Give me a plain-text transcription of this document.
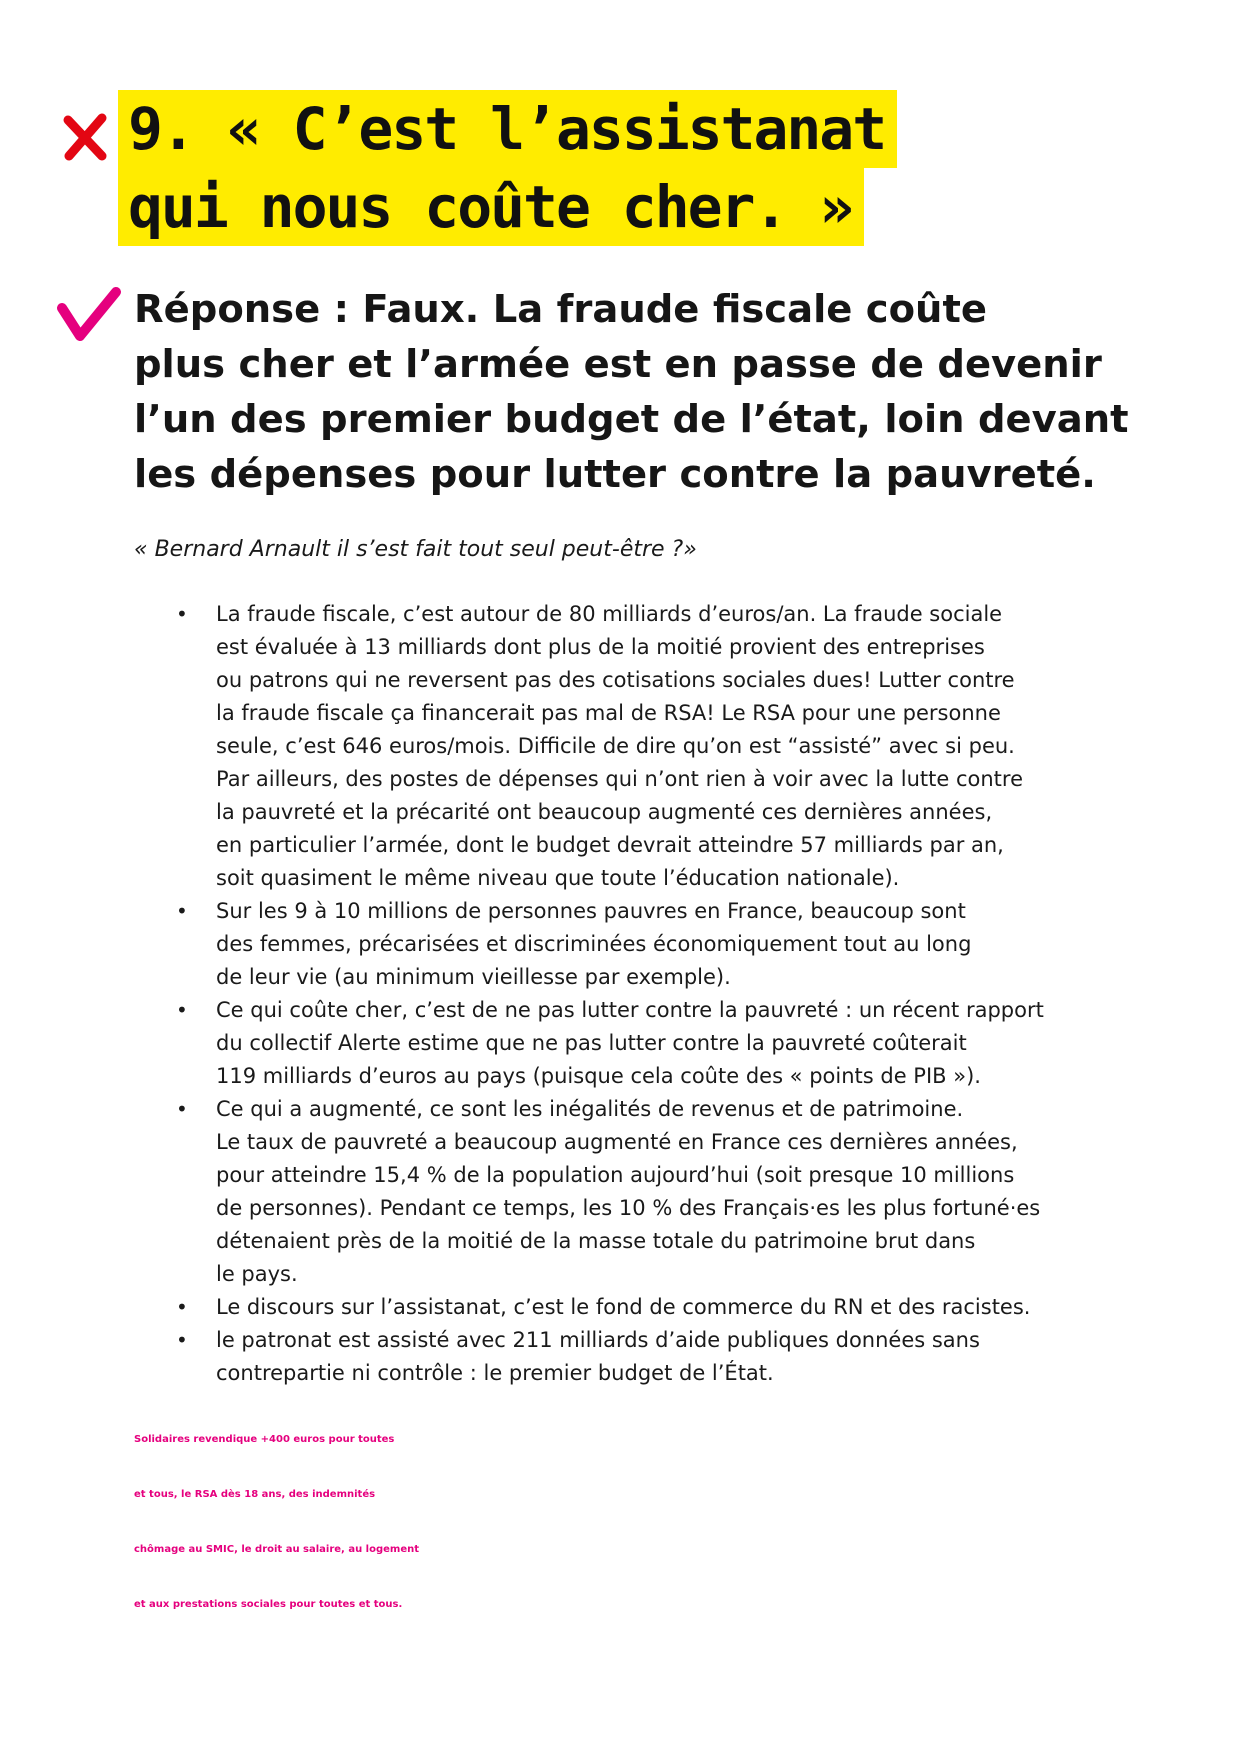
9. « C’est l’assistanat
qui nous coûte cher. »
Réponse : Faux. La fraude fiscale coûte
plus cher et l’armée est en passe de devenir
l’un des premier budget de l’état, loin devant
les dépenses pour lutter contre la pauvreté.
« Bernard Arnault il s’est fait tout seul peut-être ?»
• La fraude fiscale, c’est autour de 80 milliards d’euros/an. La fraude sociale
est évaluée à 13 milliards dont plus de la moitié provient des entreprises
ou patrons qui ne reversent pas des cotisations sociales dues! Lutter contre
la fraude fiscale ça financerait pas mal de RSA! Le RSA pour une personne
seule, c’est 646 euros/mois. Difficile de dire qu’on est “assisté” avec si peu.
Par ailleurs, des postes de dépenses qui n’ont rien à voir avec la lutte contre
la pauvreté et la précarité ont beaucoup augmenté ces dernières années,
en particulier l’armée, dont le budget devrait atteindre 57 milliards par an,
soit quasiment le même niveau que toute l’éducation nationale).
• Sur les 9 à 10 millions de personnes pauvres en France, beaucoup sont
des femmes, précarisées et discriminées économiquement tout au long
de leur vie (au minimum vieillesse par exemple).
• Ce qui coûte cher, c’est de ne pas lutter contre la pauvreté : un récent rapport
du collectif Alerte estime que ne pas lutter contre la pauvreté coûterait
119 milliards d’euros au pays (puisque cela coûte des « points de PIB »).
• Ce qui a augmenté, ce sont les inégalités de revenus et de patrimoine.
Le taux de pauvreté a beaucoup augmenté en France ces dernières années,
pour atteindre 15,4 % de la population aujourd’hui (soit presque 10 millions
de personnes). Pendant ce temps, les 10 % des Français·es les plus fortuné·es
détenaient près de la moitié de la masse totale du patrimoine brut dans
le pays.
• Le discours sur l’assistanat, c’est le fond de commerce du RN et des racistes.
• le patronat est assisté avec 211 milliards d’aide publiques données sans
contrepartie ni contrôle : le premier budget de l’État.
Solidaires revendique +400 euros pour toutes
et tous, le RSA dès 18 ans, des indemnités
chômage au SMIC, le droit au salaire, au logement
et aux prestations sociales pour toutes et tous.
